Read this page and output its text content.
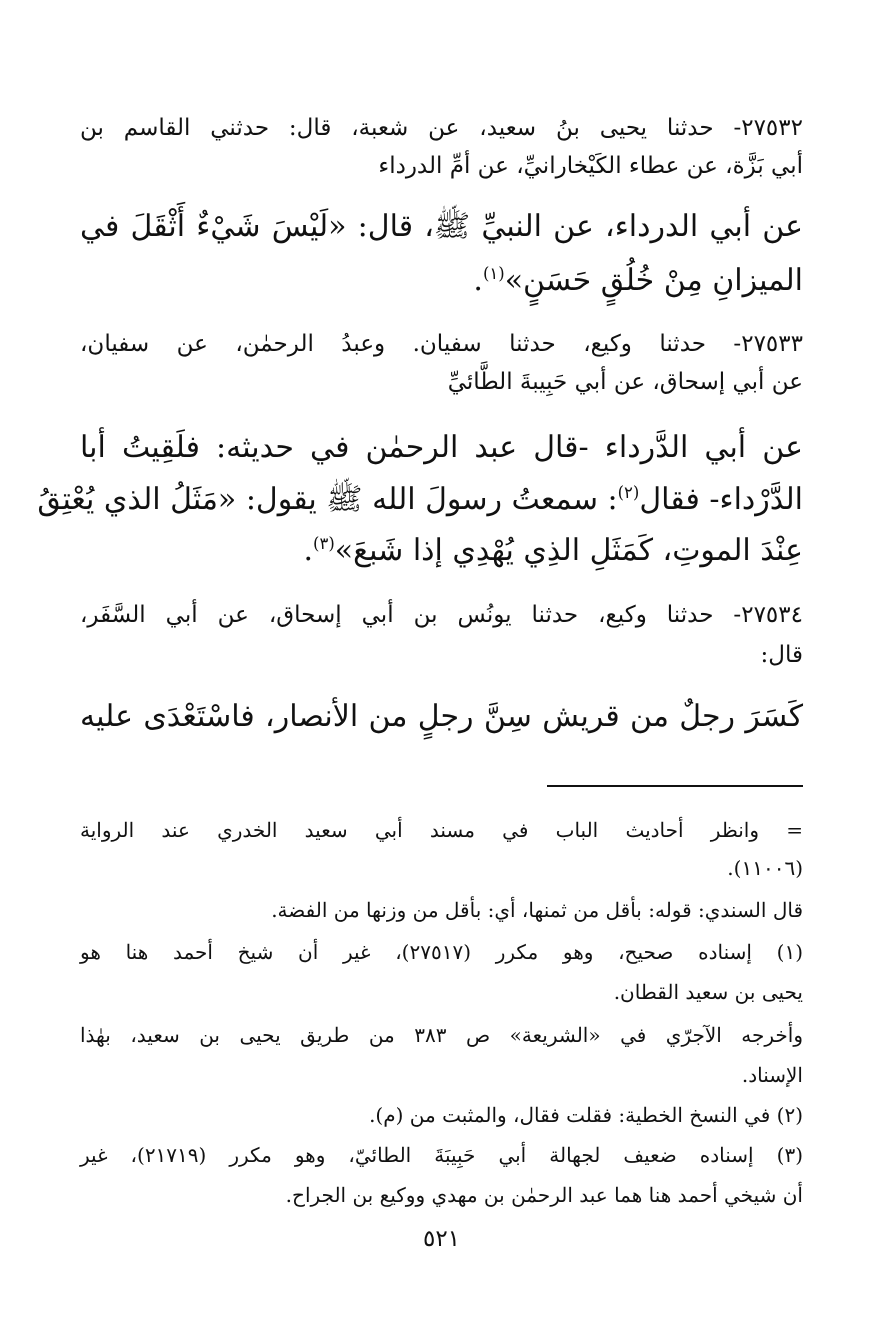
٢٧٥٣٢- حدثنا يحيى بنُ سعيد، عن شعبة، قال: حدثني القاسم بن
أبي بَزَّة، عن عطاء الكَيْخارانيِّ، عن أمِّ الدرداء
عن أبي الدرداء، عن النبيِّ ﷺ، قال: «لَيْسَ شَيْءٌ أَثْقَلَ في
الميزانِ مِنْ خُلُقٍ حَسَنٍ»$^{(١)}$.
٢٧٥٣٣- حدثنا وكيع، حدثنا سفيان. وعبدُ الرحمٰن، عن سفيان،
عن أبي إسحاق، عن أبي حَبِيبةَ الطَّائيِّ
عن أبي الدَّرداء -قال عبد الرحمٰن في حديثه: فلَقِيتُ أبا
الدَّرْداء- فقال$^{(٢)}$: سمعتُ رسولَ الله ﷺ يقول: «مَثَلُ الذي يُعْتِقُ
عِنْدَ الموتِ، كَمَثَلِ الذِي يُهْدِي إذا شَبعَ»$^{(٣)}$.
٢٧٥٣٤- حدثنا وكيع، حدثنا يونُس بن أبي إسحاق، عن أبي السَّفَر،
قال:
كَسَرَ رجلٌ من قريش سِنَّ رجلٍ من الأنصار، فاسْتَعْدَى عليه
= وانظر أحاديث الباب في مسند أبي سعيد الخدري عند الرواية
(١١٠٠٦).
قال السندي: قوله: بأقل من ثمنها، أي: بأقل من وزنها من الفضة.
(١) إسناده صحيح، وهو مكرر (٢٧٥١٧)، غير أن شيخ أحمد هنا هو
يحيى بن سعيد القطان.
وأخرجه الآجرّي في «الشريعة» ص ٣٨٣ من طريق يحيى بن سعيد، بهٰذا
الإسناد.
(٢) في النسخ الخطية: فقلت فقال، والمثبت من (م).
(٣) إسناده ضعيف لجهالة أبي حَبِيبَةَ الطائيّ، وهو مكرر (٢١٧١٩)، غير
أن شيخي أحمد هنا هما عبد الرحمٰن بن مهدي ووكيع بن الجراح.
٥٢١
